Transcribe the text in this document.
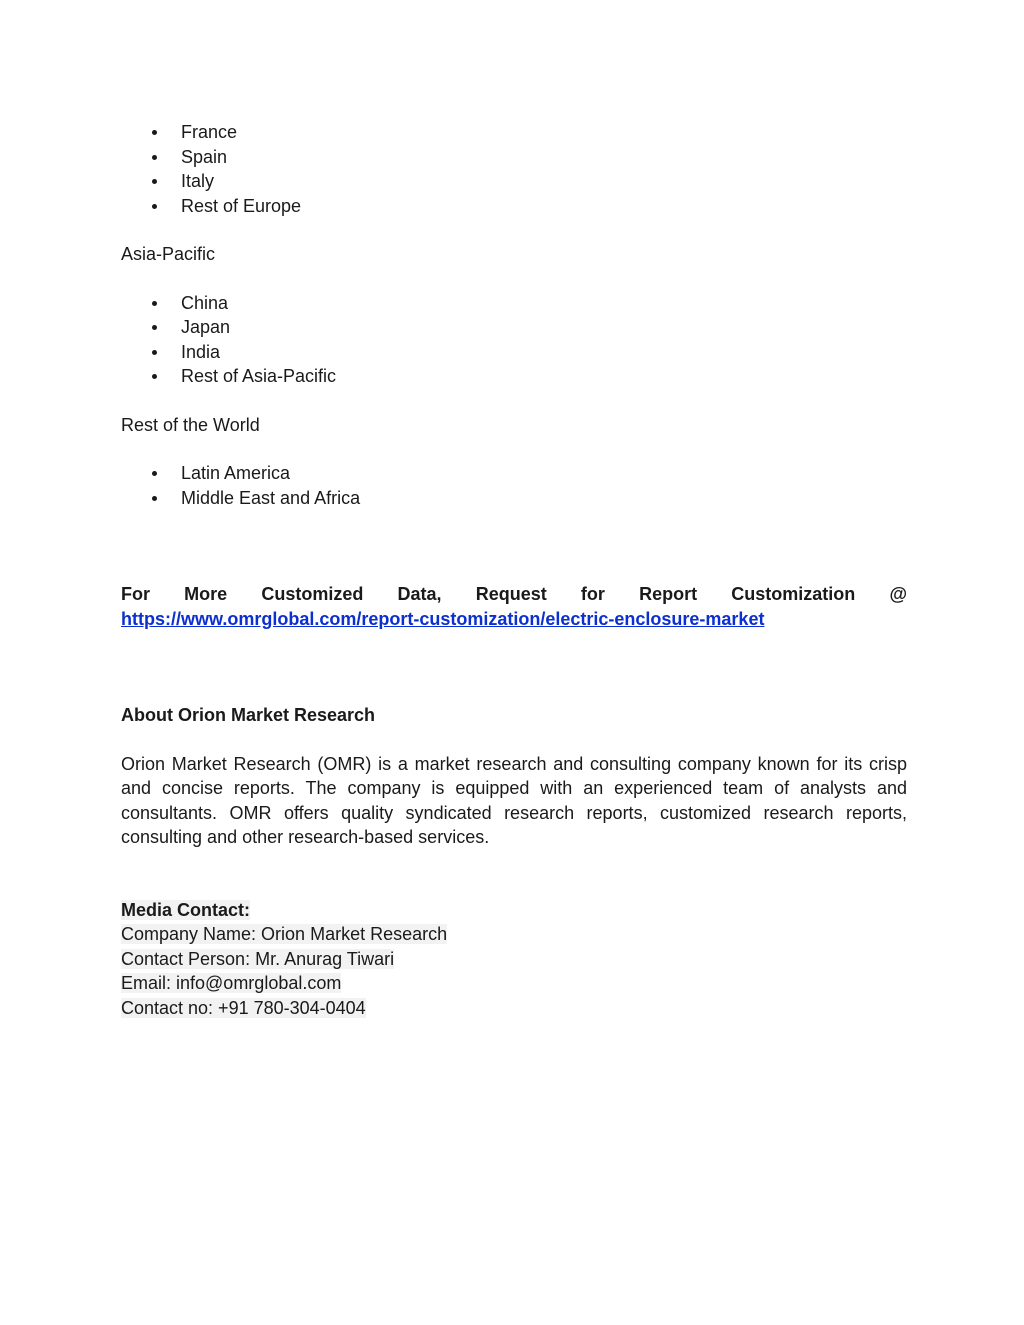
France
Spain
Italy
Rest of Europe
Asia-Pacific
China
Japan
India
Rest of Asia-Pacific
Rest of the World
Latin America
Middle East and Africa
For More Customized Data, Request for Report Customization @
https://www.omrglobal.com/report-customization/electric-enclosure-market
About Orion Market Research
Orion Market Research (OMR) is a market research and consulting company known for its crisp and concise reports. The company is equipped with an experienced team of analysts and consultants. OMR offers quality syndicated research reports, customized research reports, consulting and other research-based services.
Media Contact:
Company Name: Orion Market Research
Contact Person: Mr. Anurag Tiwari
Email: info@omrglobal.com
Contact no: +91 780-304-0404
